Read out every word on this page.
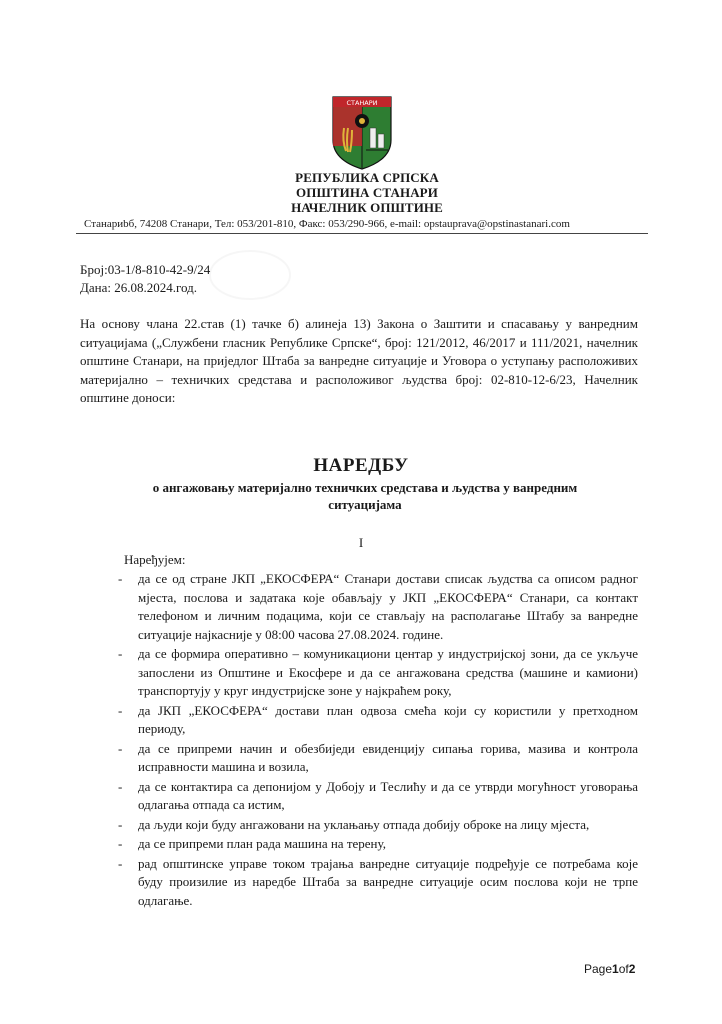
СТАНАРИ
РЕПУБЛИКА СРПСКА
ОПШТИНА СТАНАРИ
НАЧЕЛНИК ОПШТИНЕ
Станариbб, 74208 Станари, Тел: 053/201-810, Факс: 053/290-966, e-mail: opstauprava@opstinastanari.com
Број:03-1/8-810-42-9/24
Дана: 26.08.2024.год.
На основу члана 22.став (1) тачке б) алинеја 13) Закона о Заштити и спасавању у ванредним ситуацијама („Службени гласник Републике Српске“, број: 121/2012, 46/2017 и 111/2021, начелник општине Станари, на приједлог Штаба за ванредне ситуације и Уговора о уступању расположивих материјално – техничких средстава и расположивог људства број: 02-810-12-6/23, Начелник општине доноси:
НАРЕДБУ
о ангажовању материјално техничких средстава и људства у ванредним ситуацијама
I
Наређујем:
- да се од стране ЈКП „ЕКОСФЕРА“ Станари достави списак људства са описом радног мјеста, послова и задатака које обављају у ЈКП „ЕКОСФЕРА“ Станари, са контакт телефоном и личним подацима, који се стављају на располагање Штабу за ванредне ситуације најкасније у 08:00 часова 27.08.2024. године.
- да се формира оперативно – комуникациони центар у индустријској зони, да се укључе запослени из Општине и Екосфере и да се ангажована средства (машине и камиони) транспортују у круг индустријске зоне у најкраћем року,
- да ЈКП „ЕКОСФЕРА“ достави план одвоза смећа који су користили у претходном периоду,
- да се припреми начин и обезбиједи евиденцију сипања горива, мазива и контрола исправности машина и возила,
- да се контактира са депонијом у Добоју и Теслићу и да се утврди могућност уговорања одлагања отпада са истим,
- да људи који буду ангажовани на уклањању отпада добију оброке на лицу мјеста,
- да се припреми план рада машина на терену,
- рад општинске управе током трајања ванредне ситуације подређује се потребама које буду произилие из наредбе Штаба за ванредне ситуације осим послова који не трпе одлагање.
Page1of2
